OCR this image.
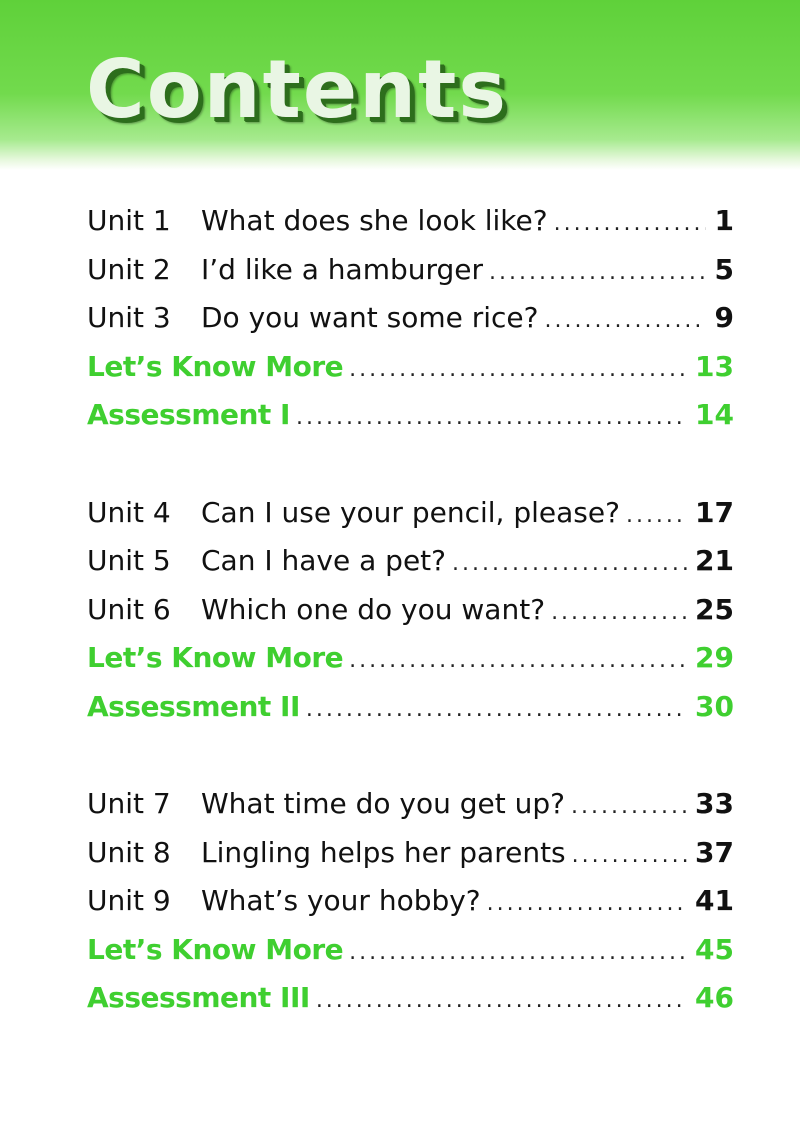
Contents
Unit 1	What does she look like? .....	1
Unit 2	I’d like a hamburger .....	5
Unit 3	Do you want some rice? .....	9
Let’s Know More .....	13
Assessment I .....	14
Unit 4	Can I use your pencil, please? .....	17
Unit 5	Can I have a pet? .....	21
Unit 6	Which one do you want? .....	25
Let’s Know More .....	29
Assessment II .....	30
Unit 7	What time do you get up? .....	33
Unit 8	Lingling helps her parents .....	37
Unit 9	What’s your hobby? .....	41
Let’s Know More .....	45
Assessment III .....	46
